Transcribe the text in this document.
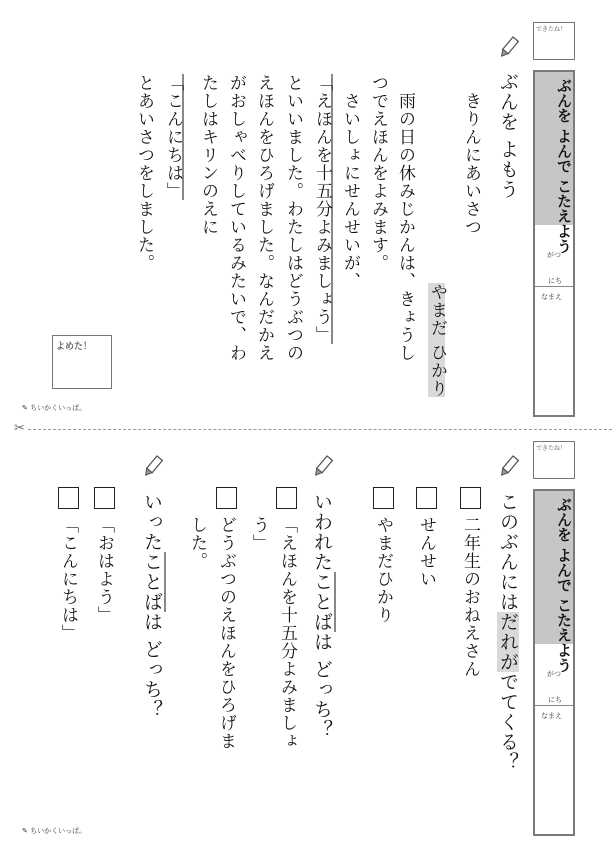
できたね！
ぶんを よんで こたえよう
がつ
にち
なまえ
ぶんを よもう
きりんにあいさつ
やまだ ひかり
雨の日の休みじかんは、きょうし
つでえほんをよみます。
さいしょにせんせいが、
「えほんを十五分よみましょう」
といいました。わたしはどうぶつの
えほんをひろげました。なんだかえ
がおしゃべりしているみたいで、わ
たしはキリンのえに
「こんにちは」
とあいさつをしました。
よめた！
✎ ちいかくいっぱ。
✂
できたね！
ぶんを よんで こたえよう
がつ
にち
なまえ
このぶんにはだれがでてくる？
二年生のおねえさん
せんせい
やまだひかり
いわれたことばは どっち？
「えほんを十五分よみましょ
う」
どうぶつのえほんをひろげま
した。
いったことばは どっち？
「おはよう」
「こんにちは」
✎ ちいかくいっぱ。
